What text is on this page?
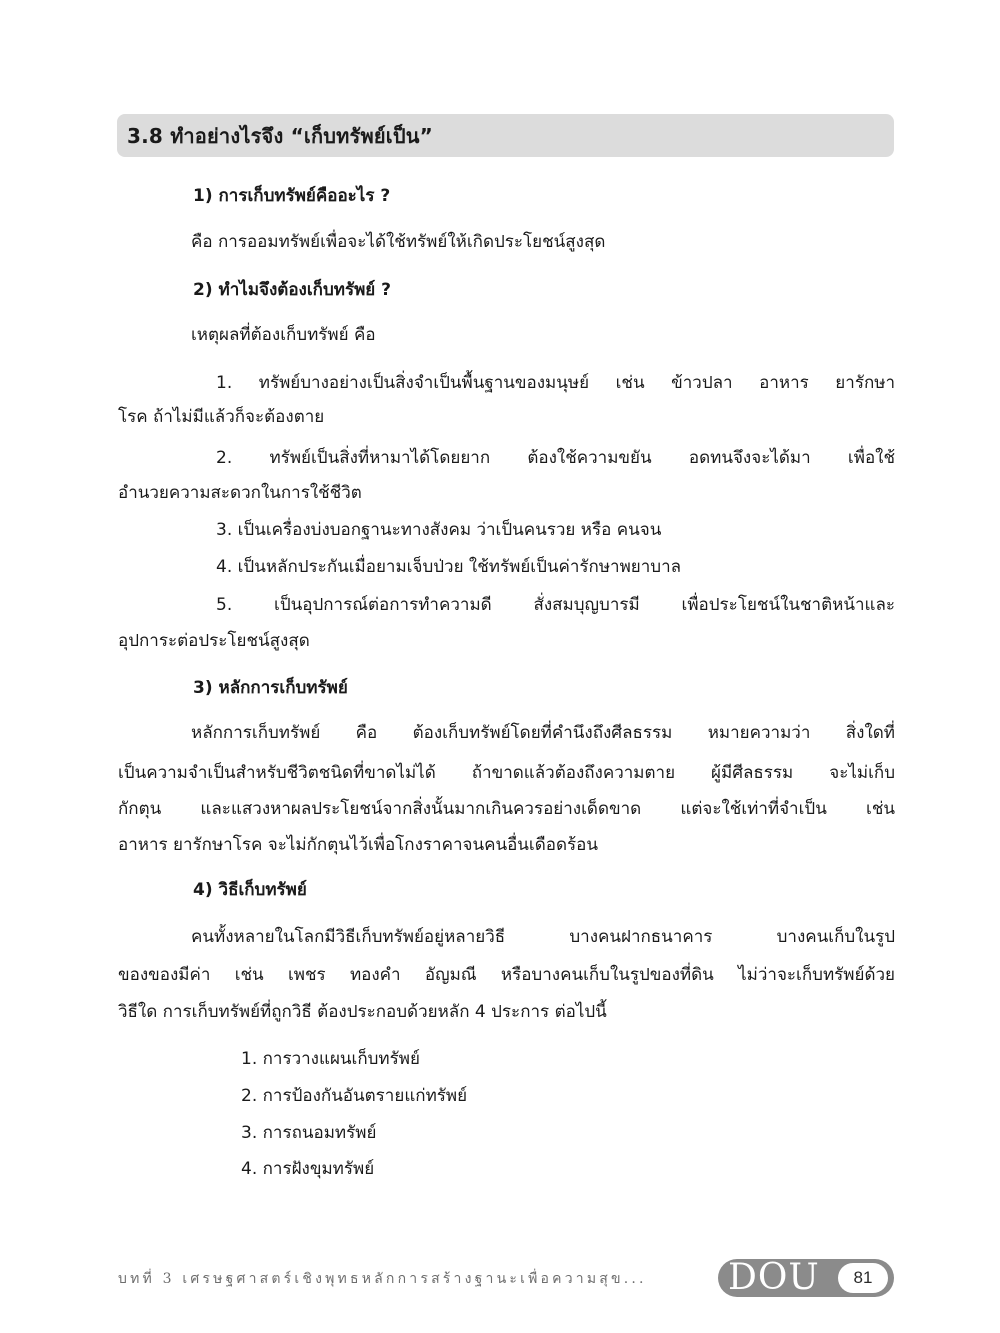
3.8 ทำอย่างไรจึง “เก็บทรัพย์เป็น”

1) การเก็บทรัพย์คืออะไร ?

คือ การออมทรัพย์เพื่อจะได้ใช้ทรัพย์ให้เกิดประโยชน์สูงสุด

2) ทำไมจึงต้องเก็บทรัพย์ ?

เหตุผลที่ต้องเก็บทรัพย์ คือ

1. ทรัพย์บางอย่างเป็นสิ่งจำเป็นพื้นฐานของมนุษย์ เช่น ข้าวปลา อาหาร ยารักษา

โรค ถ้าไม่มีแล้วก็จะต้องตาย

2. ทรัพย์เป็นสิ่งที่หามาได้โดยยาก ต้องใช้ความขยัน อดทนจึงจะได้มา เพื่อใช้

อำนวยความสะดวกในการใช้ชีวิต

3. เป็นเครื่องบ่งบอกฐานะทางสังคม ว่าเป็นคนรวย หรือ คนจน

4. เป็นหลักประกันเมื่อยามเจ็บป่วย ใช้ทรัพย์เป็นค่ารักษาพยาบาล

5. เป็นอุปการณ์ต่อการทำความดี สั่งสมบุญบารมี เพื่อประโยชน์ในชาติหน้าและ

อุปการะต่อประโยชน์สูงสุด

3) หลักการเก็บทรัพย์

หลักการเก็บทรัพย์ คือ ต้องเก็บทรัพย์โดยที่คำนึงถึงศีลธรรม หมายความว่า สิ่งใดที่

เป็นความจำเป็นสำหรับชีวิตชนิดที่ขาดไม่ได้ ถ้าขาดแล้วต้องถึงความตาย ผู้มีศีลธรรม จะไม่เก็บ

กักตุน และแสวงหาผลประโยชน์จากสิ่งนั้นมากเกินควรอย่างเด็ดขาด แต่จะใช้เท่าที่จำเป็น เช่น

อาหาร ยารักษาโรค จะไม่กักตุนไว้เพื่อโกงราคาจนคนอื่นเดือดร้อน

4) วิธีเก็บทรัพย์

คนทั้งหลายในโลกมีวิธีเก็บทรัพย์อยู่หลายวิธี บางคนฝากธนาคาร บางคนเก็บในรูป

ของของมีค่า เช่น เพชร ทองคำ อัญมณี หรือบางคนเก็บในรูปของที่ดิน ไม่ว่าจะเก็บทรัพย์ด้วย

วิธีใด การเก็บทรัพย์ที่ถูกวิธี ต้องประกอบด้วยหลัก 4 ประการ ต่อไปนี้

1. การวางแผนเก็บทรัพย์

2. การป้องกันอันตรายแก่ทรัพย์

3. การถนอมทรัพย์

4. การฝังขุมทรัพย์

บทที่ 3 เศรษฐศาสตร์เชิงพุทธหลักการสร้างฐานะเพื่อความสุข... DOU	81
